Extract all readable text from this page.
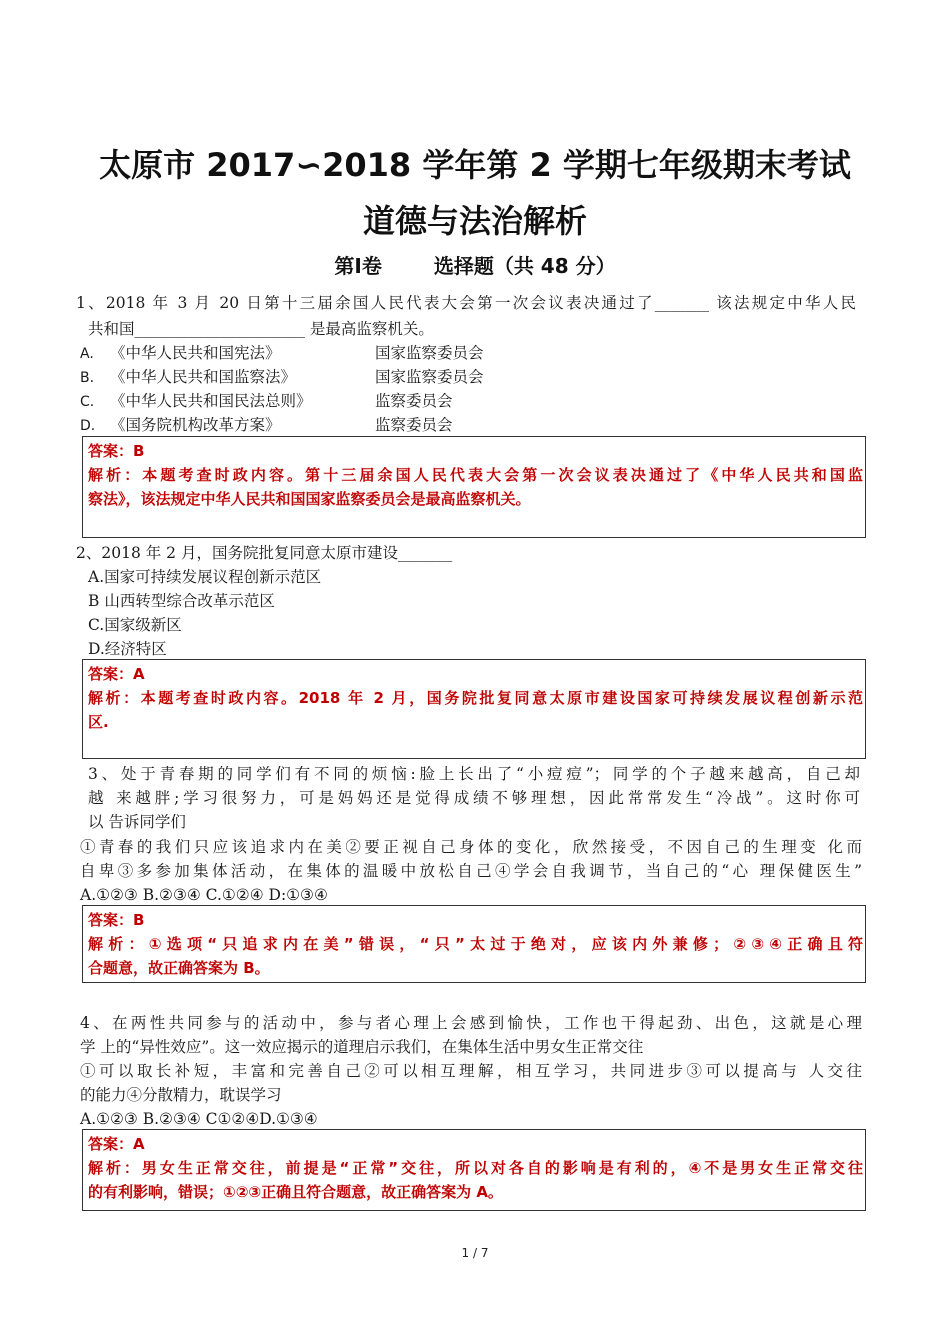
太原市 2017∽2018 学年第 2 学期七年级期末考试
道德与法治解析
第Ⅰ卷	选择题（共 48 分）
1、2018 年 3 月 20 日第十三届余国人民代表大会第一次会议表决通过了_______ 该法规定中华人民
共和国______________________ 是最高监察机关。
A. 《中华人民共和国宪法》	国家监察委员会
B. 《中华人民共和国监察法》	国家监察委员会
C. 《中华人民共和国民法总则》	监察委员会
D. 《国务院机构改革方案》	监察委员会
答案：B
解析：本题考查时政内容。第十三届余国人民代表大会第一次会议表决通过了《中华人民共和国监
察法》，该法规定中华人民共和国国家监察委员会是最高监察机关。
2、2018 年 2 月，国务院批复同意太原市建设_______
A.国家可持续发展议程创新示范区
B 山西转型综合改革示范区
C.国家级新区
D.经济特区
答案：A
解析：本题考查时政内容。2018 年 2 月，国务院批复同意太原市建设国家可持续发展议程创新示范
区.
3、处于青春期的同学们有不同的烦恼:脸上长出了“小痘痘”；同学的个子越来越高，自己却
越 来越胖;学习很努力，可是妈妈还是觉得成绩不够理想，因此常常发生“冷战”。这时你可
以 告诉同学们
①青春的我们只应该追求内在美②要正视自己身体的变化，欣然接受，不因自己的生理变 化而
自卑③多参加集体活动，在集体的温暖中放松自己④学会自我调节，当自己的“心 理保健医生”
A.①②③ B.②③④ C.①②④ D:①③④
答案：B
解析：①选项“只追求内在美”错误，“只”太过于绝对，应该内外兼修；②③④正确且符
合题意，故正确答案为 B。
4、在两性共同参与的活动中，参与者心理上会感到愉快，工作也干得起劲、出色，这就是心理
学 上的“异性效应”。这一效应揭示的道理启示我们，在集体生活中男女生正常交往
①可以取长补短，丰富和完善自己②可以相互理解，相互学习，共同进步③可以提高与 人交往
的能力④分散精力，耽误学习
A.①②③ B.②③④ C①②④D.①③④
答案：A
解析：男女生正常交往，前提是“正常”交往，所以对各自的影响是有利的，④不是男女生正常交往
的有利影响，错误；①②③正确且符合题意，故正确答案为 A。
1 / 7
